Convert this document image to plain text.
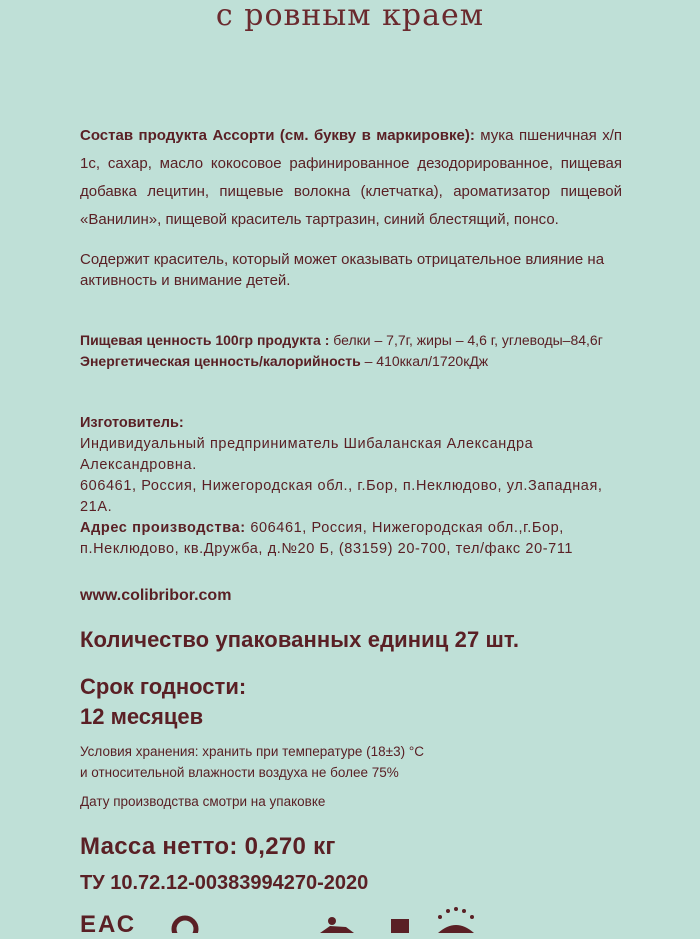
с ровным краем
Состав продукта Ассорти (см. букву в маркировке): мука пшеничная х/п 1с, сахар, масло кокосовое рафинированное дезодорированное, пищевая добавка лецитин, пищевые волокна (клетчатка), ароматизатор пищевой «Ванилин», пищевой краситель тартразин, синий блестящий, понсо.
Содержит краситель, который может оказывать отрицательное влияние на активность и внимание детей.
Пищевая ценность 100гр продукта : белки – 7,7г, жиры – 4,6 г, углеводы–84,6г
Энергетическая ценность/калорийность – 410ккал/1720кДж
Изготовитель:
Индивидуальный предприниматель Шибаланская Александра Александровна.
606461, Россия, Нижегородская обл., г.Бор, п.Неклюдово, ул.Западная, 21А.
Адрес производства: 606461, Россия, Нижегородская обл.,г.Бор, п.Неклюдово, кв.Дружба, д.№20 Б, (83159) 20-700, тел/факс 20-711
www.colibribor.com
Количество упакованных единиц 27 шт.
Срок годности:
12 месяцев
Условия хранения: хранить при температуре (18±3) °С
и относительной влажности воздуха не более 75%
Дату производства смотри на упаковке
Масса нетто: 0,270 кг
ТУ 10.72.12-00383994270-2020
ЕАС
